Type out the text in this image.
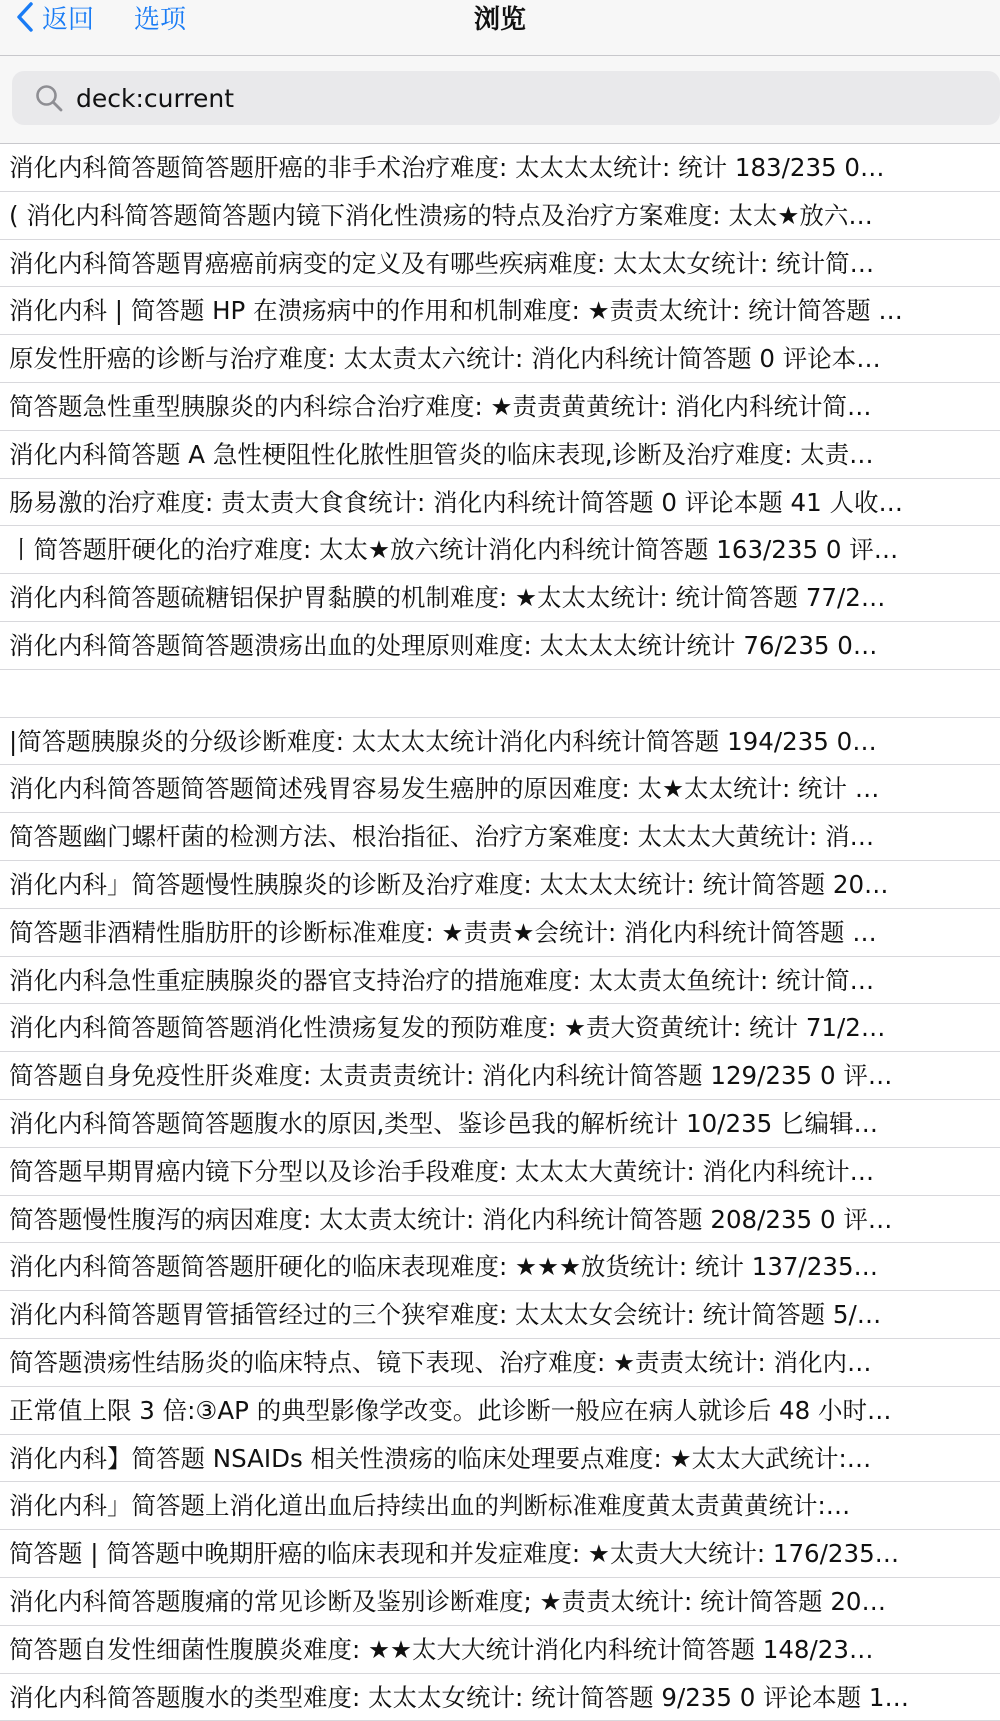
返回 选项	浏览
deck:current
消化内科简答题简答题肝癌的非手术治疗难度: 太太太太统计: 统计 183/235 0…
( 消化内科简答题简答题内镜下消化性溃疡的特点及治疗方案难度: 太太★放六…
消化内科简答题胃癌癌前病变的定义及有哪些疾病难度: 太太太女统计: 统计简…
消化内科 | 简答题 HP 在溃疡病中的作用和机制难度: ★责责太统计: 统计简答题 …
原发性肝癌的诊断与治疗难度: 太太责太六统计: 消化内科统计简答题 0 评论本…
简答题急性重型胰腺炎的内科综合治疗难度: ★责责黄黄统计: 消化内科统计简…
消化内科简答题 A 急性梗阻性化脓性胆管炎的临床表现,诊断及治疗难度: 太责…
肠易激的治疗难度: 责太责大食食统计: 消化内科统计简答题 0 评论本题 41 人收…
丨简答题肝硬化的治疗难度: 太太★放六统计消化内科统计简答题 163/235 0 评…
消化内科简答题硫糖铝保护胃黏膜的机制难度: ★太太太统计: 统计简答题 77/2…
消化内科简答题简答题溃疡出血的处理原则难度: 太太太太统计统计 76/235 0…
|简答题胰腺炎的分级诊断难度: 太太太太统计消化内科统计简答题 194/235 0…
消化内科简答题简答题简述残胃容易发生癌肿的原因难度: 太★太太统计: 统计 …
简答题幽门螺杆菌的检测方法、根治指征、治疗方案难度: 太太太大黄统计: 消…
消化内科」简答题慢性胰腺炎的诊断及治疗难度: 太太太太统计: 统计简答题 20…
简答题非酒精性脂肪肝的诊断标准难度: ★责责★会统计: 消化内科统计简答题 …
消化内科急性重症胰腺炎的器官支持治疗的措施难度: 太太责太鱼统计: 统计简…
消化内科简答题简答题消化性溃疡复发的预防难度: ★责大资黄统计: 统计 71/2…
简答题自身免疫性肝炎难度: 太责责责统计: 消化内科统计简答题 129/235 0 评…
消化内科简答题简答题腹水的原因,类型、鉴诊邑我的解析统计 10/235 匕编辑…
简答题早期胃癌内镜下分型以及诊治手段难度: 太太太大黄统计: 消化内科统计…
简答题慢性腹泻的病因难度: 太太责太统计: 消化内科统计简答题 208/235 0 评…
消化内科简答题简答题肝硬化的临床表现难度: ★★★放货统计: 统计 137/235…
消化内科简答题胃管插管经过的三个狭窄难度: 太太太女会统计: 统计简答题 5/…
简答题溃疡性结肠炎的临床特点、镜下表现、治疗难度: ★责责太统计: 消化内…
正常值上限 3 倍:③AP 的典型影像学改变。此诊断一般应在病人就诊后 48 小时…
消化内科】简答题 NSAIDs 相关性溃疡的临床处理要点难度: ★太太大武统计:…
消化内科」简答题上消化道出血后持续出血的判断标准难度黄太责黄黄统计:…
简答题 | 简答题中晚期肝癌的临床表现和并发症难度: ★太责大大统计: 176/235…
消化内科简答题腹痛的常见诊断及鉴别诊断难度; ★责责太统计: 统计简答题 20…
简答题自发性细菌性腹膜炎难度: ★★太大大统计消化内科统计简答题 148/23…
消化内科简答题腹水的类型难度: 太太太女统计: 统计简答题 9/235 0 评论本题 1…
